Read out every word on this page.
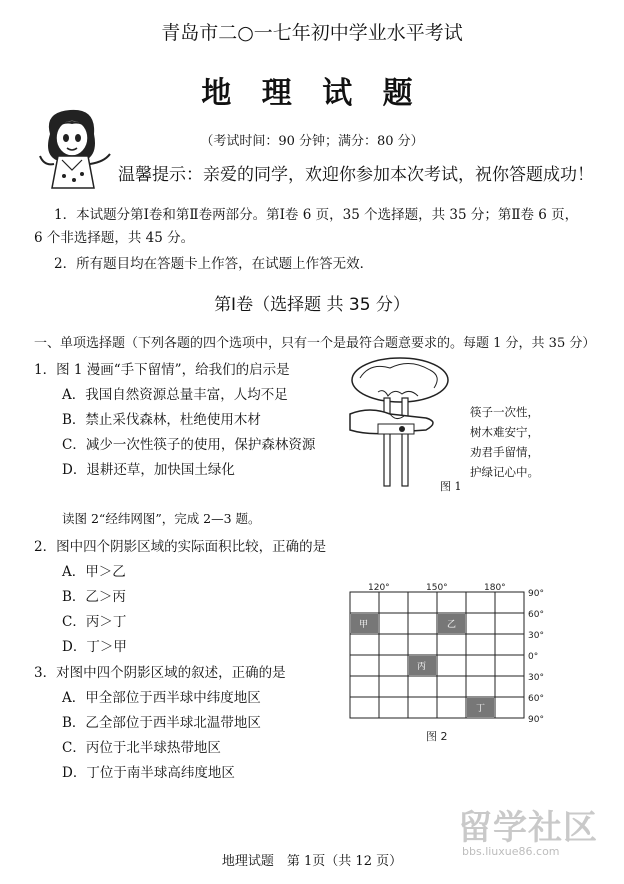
青岛市二○一七年初中学业水平考试
地 理 试 题
（考试时间：90 分钟；满分：80 分）
温馨提示：亲爱的同学，欢迎你参加本次考试，祝你答题成功！
1．本试题分第Ⅰ卷和第Ⅱ卷两部分。第Ⅰ卷 6 页，35 个选择题，共 35 分；第Ⅱ卷 6 页，
6 个非选择题，共 45 分。
2．所有题目均在答题卡上作答，在试题上作答无效．
第Ⅰ卷（选择题 共 35 分）
一、单项选择题（下列各题的四个选项中，只有一个是最符合题意要求的。每题 1 分，共 35 分）
1．图 1 漫画“手下留情”，给我们的启示是
A．我国自然资源总量丰富，人均不足
B．禁止采伐森林，杜绝使用木材
C．减少一次性筷子的使用，保护森林资源
D．退耕还草，加快国土绿化
筷子一次性，
树木难安宁，
劝君手留情，
护绿记心中。
图 1
读图 2“经纬网图”，完成 2—3 题。
2．图中四个阴影区域的实际面积比较，正确的是
A．甲＞乙
B．乙＞丙
C．丙＞丁
D．丁＞甲
3．对图中四个阴影区域的叙述，正确的是
A．甲全部位于西半球中纬度地区
B．乙全部位于西半球北温带地区
C．丙位于北半球热带地区
D．丁位于南半球高纬度地区
甲	乙
丙
丁
120°	150°	180°
90°
60°
30°
0°
30°
60°
90°
图 2
地理试题　第 1页（共 12 页）
留学社区
bbs.liuxue86.com
